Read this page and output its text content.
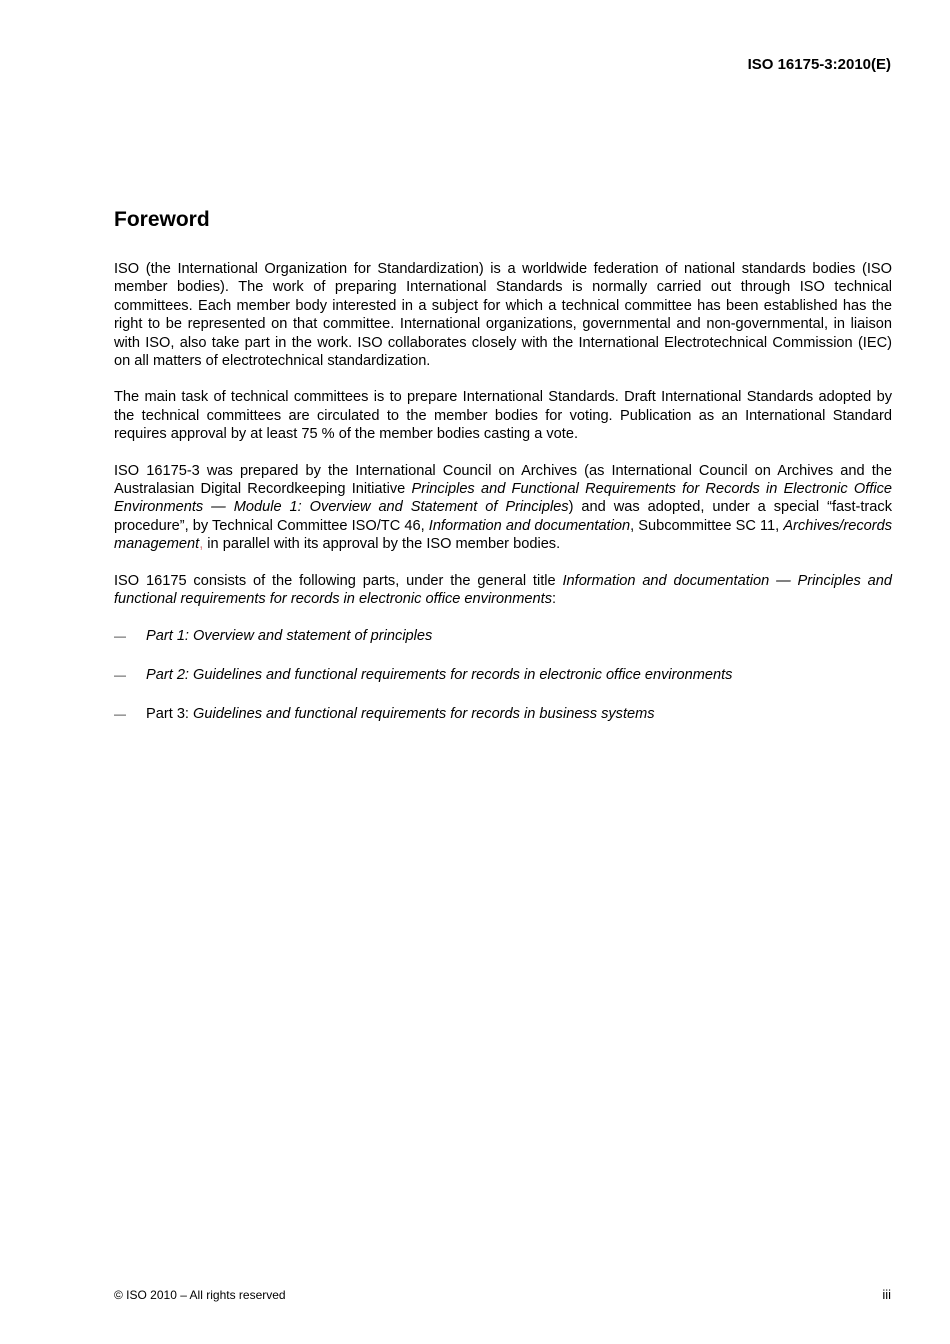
ISO 16175-3:2010(E)

Foreword

ISO (the International Organization for Standardization) is a worldwide federation of national standards bodies (ISO member bodies). The work of preparing International Standards is normally carried out through ISO technical committees. Each member body interested in a subject for which a technical committee has been established has the right to be represented on that committee. International organizations, governmental and non-governmental, in liaison with ISO, also take part in the work. ISO collaborates closely with the International Electrotechnical Commission (IEC) on all matters of electrotechnical standardization.

The main task of technical committees is to prepare International Standards. Draft International Standards adopted by the technical committees are circulated to the member bodies for voting. Publication as an International Standard requires approval by at least 75 % of the member bodies casting a vote.

ISO 16175-3 was prepared by the International Council on Archives (as International Council on Archives and the Australasian Digital Recordkeeping Initiative Principles and Functional Requirements for Records in Electronic Office Environments — Module 1: Overview and Statement of Principles) and was adopted, under a special “fast-track procedure”, by Technical Committee ISO/TC 46, Information and documentation, Subcommittee SC 11, Archives/records management, in parallel with its approval by the ISO member bodies.

ISO 16175 consists of the following parts, under the general title Information and documentation — Principles and functional requirements for records in electronic office environments:

— Part 1: Overview and statement of principles
— Part 2: Guidelines and functional requirements for records in electronic office environments
— Part 3: Guidelines and functional requirements for records in business systems

© ISO 2010 – All rights reserved	iii
